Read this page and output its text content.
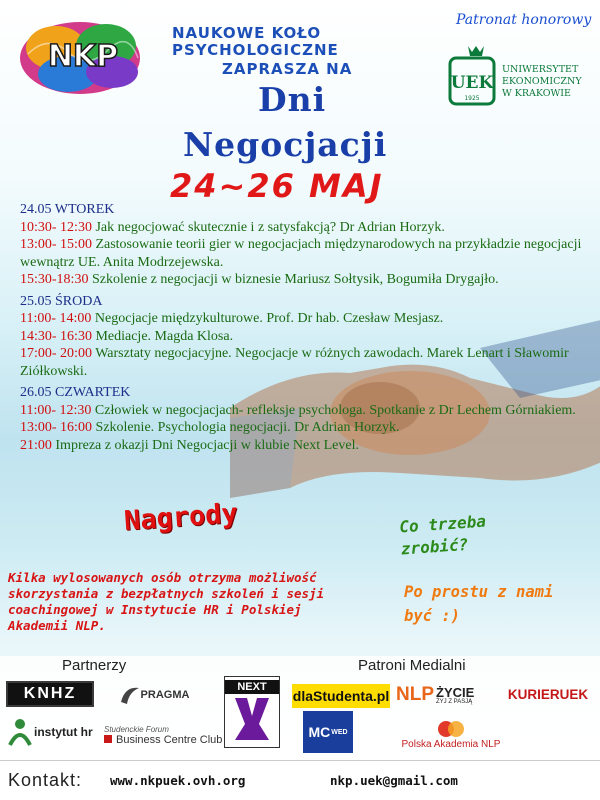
NKP
NAUKOWE KOŁO
PSYCHOLOGICZNE
ZAPRASZA NA
Dni
Negocjacji
24~26 MAJ
Patronat honorowy
UEK
1925
UNIWERSYTET
EKONOMICZNY
W KRAKOWIE
24.05 WTOREK
10:30- 12:30 Jak negocjować skutecznie i z satysfakcją? Dr Adrian Horzyk.
13:00- 15:00 Zastosowanie teorii gier w negocjacjach międzynarodowych na przykładzie negocjacji wewnątrz UE. Anita Modrzejewska.
15:30-18:30 Szkolenie z negocjacji w biznesie Mariusz Sołtysik, Bogumiła Drygajło.
25.05 ŚRODA
11:00- 14:00 Negocjacje międzykulturowe. Prof. Dr hab. Czesław Mesjasz.
14:30- 16:30 Mediacje. Magda Klosa.
17:00- 20:00 Warsztaty negocjacyjne. Negocjacje w różnych zawodach. Marek Lenart i Sławomir Ziółkowski.
26.05 CZWARTEK
11:00- 12:30 Człowiek w negocjacjach- refleksje psychologa. Spotkanie z Dr Lechem Górniakiem.
13:00- 16:00 Szkolenie. Psychologia negocjacji. Dr Adrian Horzyk.
21:00 Impreza z okazji Dni Negocjacji w klubie Next Level.
Nagrody
Kilka wylosowanych osób otrzyma możliwość skorzystania z bezpłatnych szkoleń i sesji coachingowej w Instytucie HR i Polskiej Akademii NLP.
Co trzeba zrobić?
Po prostu z nami być :)
Partnerzy	Patroni Medialni
KNHZ	PRAGMA
NEXT
instytut hr Studenckie Forum
Business Centre Club
dlaStudenta.pl NLP ŻYCIE
ŻYJ Z PASJĄ	KURIERUEK
MC WED
Polska Akademia NLP
Kontakt: www.nkpuek.ovh.org	nkp.uek@gmail.com
